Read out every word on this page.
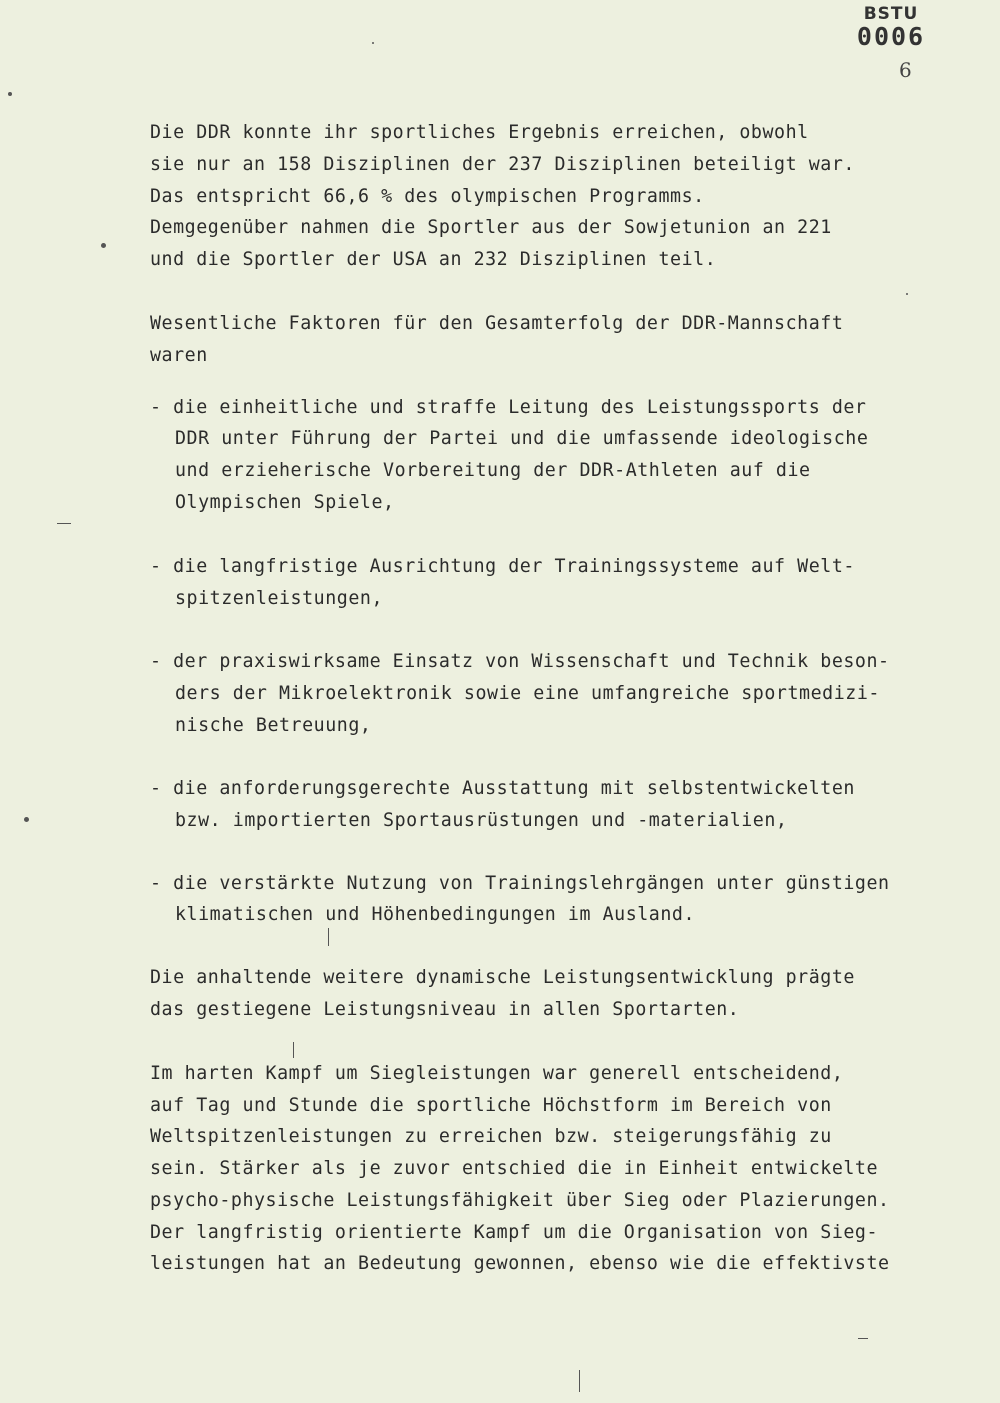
BSTU
0006
6
Die DDR konnte ihr sportliches Ergebnis erreichen, obwohl
sie nur an 158 Disziplinen der 237 Disziplinen beteiligt war.
Das entspricht 66,6 % des olympischen Programms.
Demgegenüber nahmen die Sportler aus der Sowjetunion an 221
und die Sportler der USA an 232 Disziplinen teil.
Wesentliche Faktoren für den Gesamterfolg der DDR-Mannschaft
waren
- die einheitliche und straffe Leitung des Leistungssports der
DDR unter Führung der Partei und die umfassende ideologische
und erzieherische Vorbereitung der DDR-Athleten auf die
Olympischen Spiele,
- die langfristige Ausrichtung der Trainingssysteme auf Welt-
spitzenleistungen,
- der praxiswirksame Einsatz von Wissenschaft und Technik beson-
ders der Mikroelektronik sowie eine umfangreiche sportmedizi-
nische Betreuung,
- die anforderungsgerechte Ausstattung mit selbstentwickelten
bzw. importierten Sportausrüstungen und -materialien,
- die verstärkte Nutzung von Trainingslehrgängen unter günstigen
klimatischen und Höhenbedingungen im Ausland.
Die anhaltende weitere dynamische Leistungsentwicklung prägte
das gestiegene Leistungsniveau in allen Sportarten.
Im harten Kampf um Siegleistungen war generell entscheidend,
auf Tag und Stunde die sportliche Höchstform im Bereich von
Weltspitzenleistungen zu erreichen bzw. steigerungsfähig zu
sein. Stärker als je zuvor entschied die in Einheit entwickelte
psycho-physische Leistungsfähigkeit über Sieg oder Plazierungen.
Der langfristig orientierte Kampf um die Organisation von Sieg-
leistungen hat an Bedeutung gewonnen, ebenso wie die effektivste
